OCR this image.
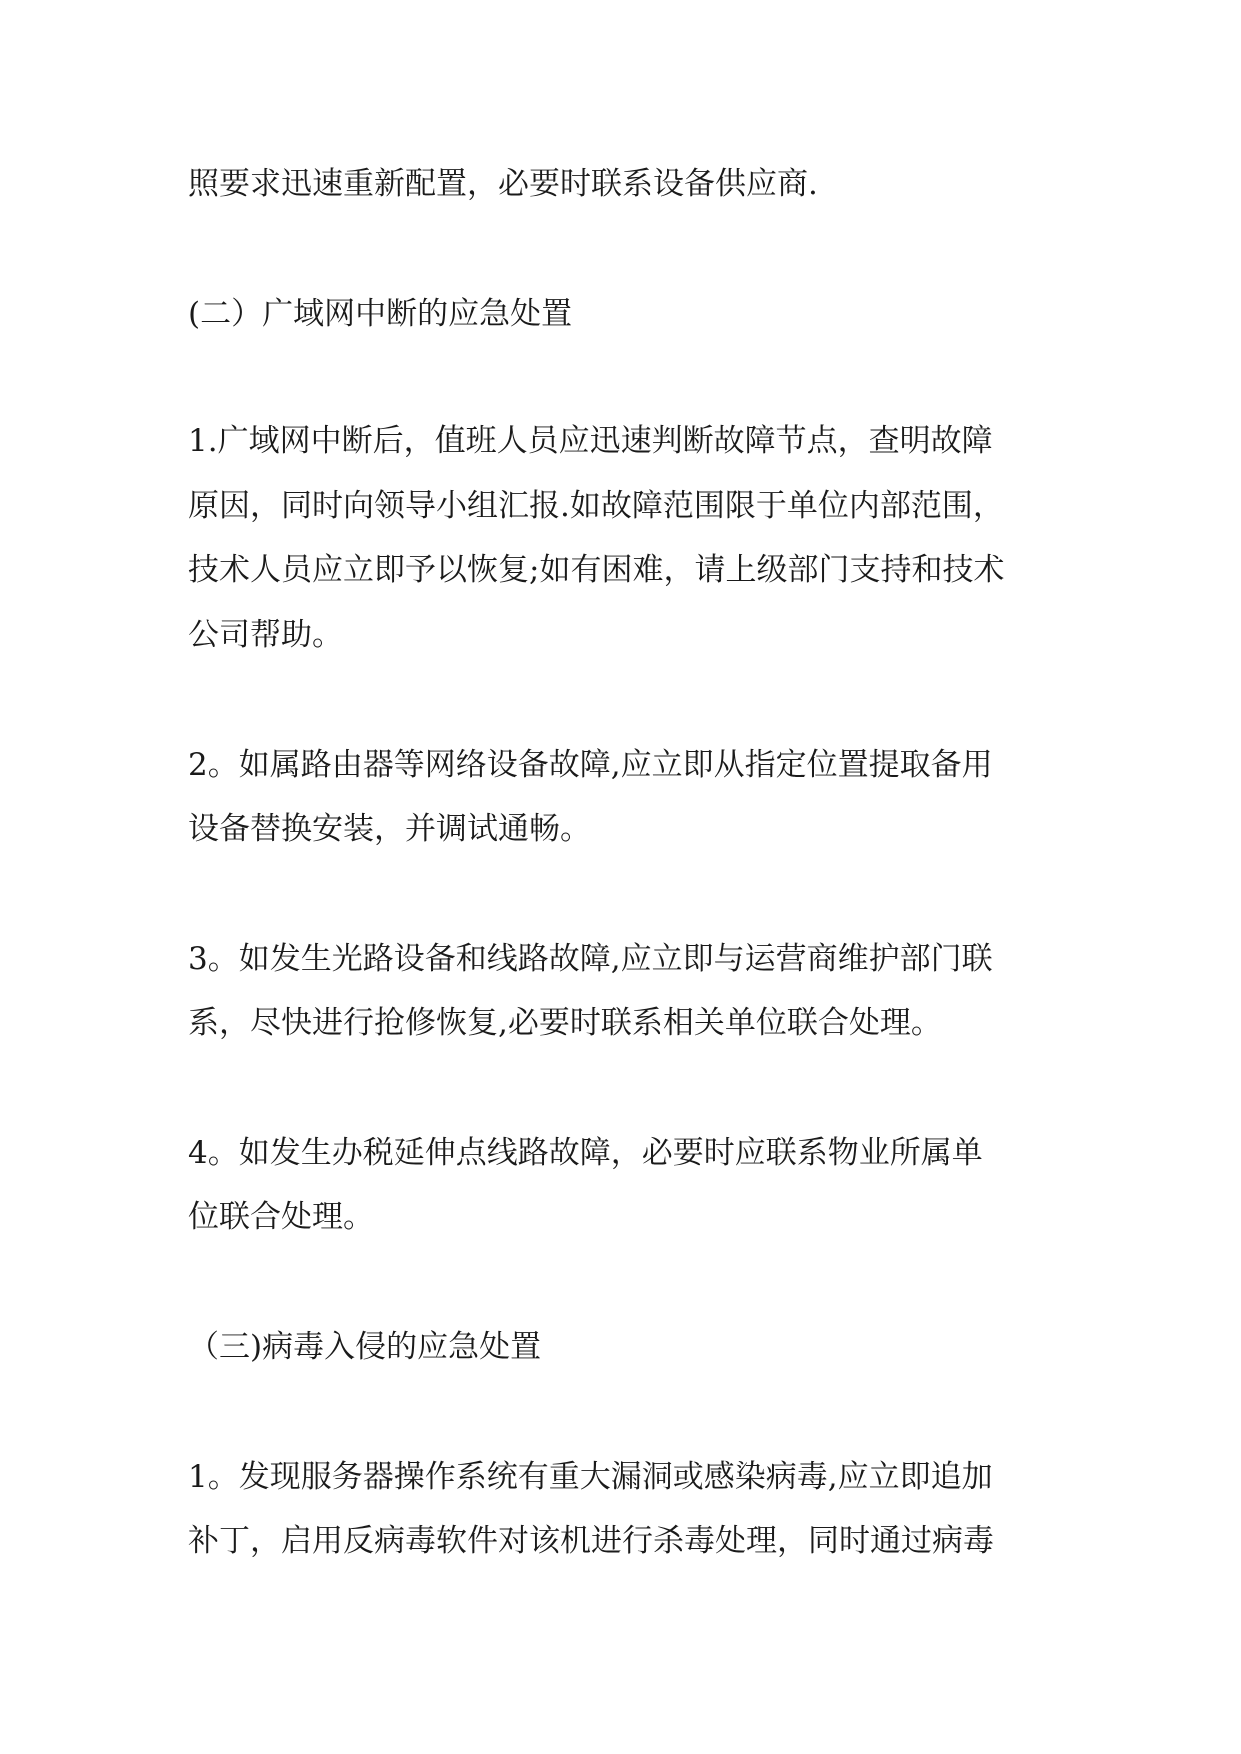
照要求迅速重新配置，必要时联系设备供应商.
(二）广域网中断的应急处置
1.广域网中断后，值班人员应迅速判断故障节点，查明故障
原因，同时向领导小组汇报.如故障范围限于单位内部范围，
技术人员应立即予以恢复;如有困难，请上级部门支持和技术
公司帮助。
2。如属路由器等网络设备故障,应立即从指定位置提取备用
设备替换安装，并调试通畅。
3。如发生光路设备和线路故障,应立即与运营商维护部门联
系，尽快进行抢修恢复,必要时联系相关单位联合处理。
4。如发生办税延伸点线路故障，必要时应联系物业所属单
位联合处理。
（三)病毒入侵的应急处置
1。发现服务器操作系统有重大漏洞或感染病毒,应立即追加
补丁，启用反病毒软件对该机进行杀毒处理，同时通过病毒
